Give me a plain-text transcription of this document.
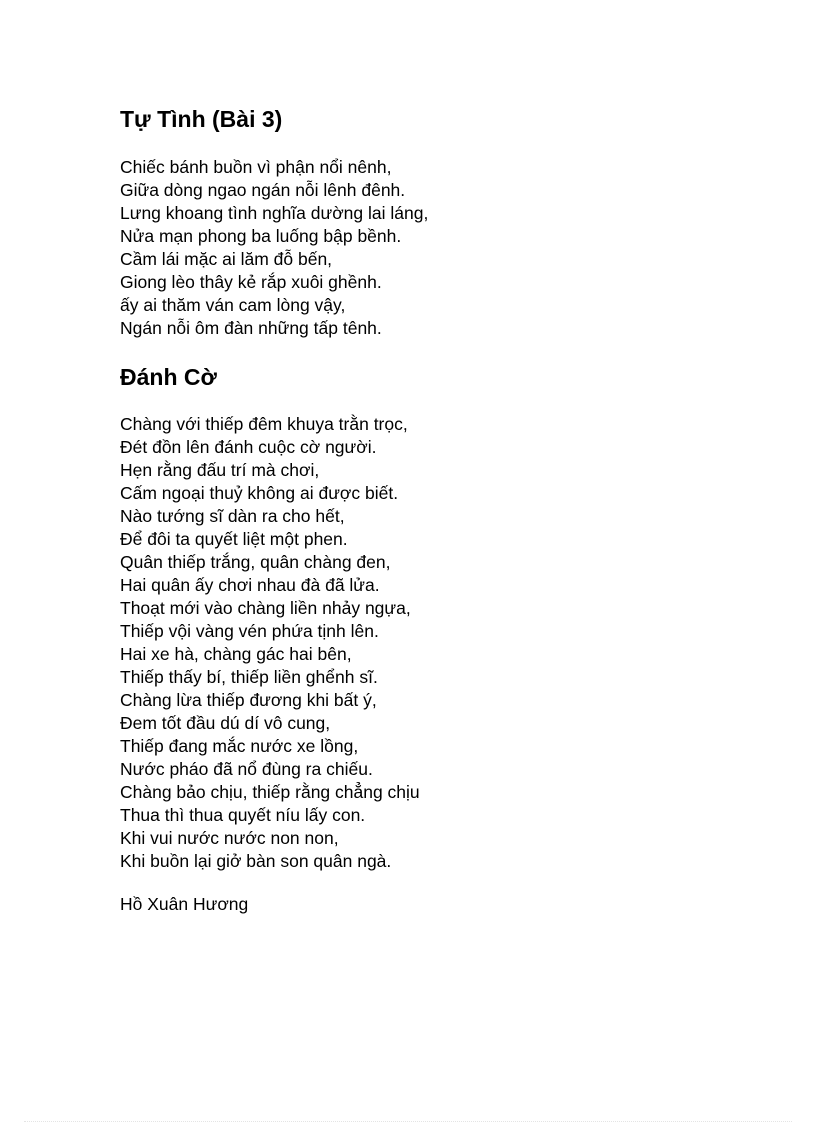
Tự Tình (Bài 3)
Chiếc bánh buồn vì phận nổi nênh,
Giữa dòng ngao ngán nỗi lênh đênh.
Lưng khoang tình nghĩa dường lai láng,
Nửa mạn phong ba luống bập bềnh.
Cầm lái mặc ai lăm đỗ bến,
Giong lèo thây kẻ rắp xuôi ghềnh.
ấy ai thăm ván cam lòng vậy,
Ngán nỗi ôm đàn những tấp tênh.
Đánh Cờ
Chàng với thiếp đêm khuya trằn trọc,
Đét đồn lên đánh cuộc cờ người.
Hẹn rằng đấu trí mà chơi,
Cấm ngoại thuỷ không ai được biết.
Nào tướng sĩ dàn ra cho hết,
Để đôi ta quyết liệt một phen.
Quân thiếp trắng, quân chàng đen,
Hai quân ấy chơi nhau đà đã lửa.
Thoạt mới vào chàng liền nhảy ngựa,
Thiếp vội vàng vén phứa tịnh lên.
Hai xe hà, chàng gác hai bên,
Thiếp thấy bí, thiếp liền ghểnh sĩ.
Chàng lừa thiếp đương khi bất ý,
Đem tốt đầu dú dí vô cung,
Thiếp đang mắc nước xe lồng,
Nước pháo đã nổ đùng ra chiếu.
Chàng bảo chịu, thiếp rằng chẳng chịu
Thua thì thua quyết níu lấy con.
Khi vui nước nước non non,
Khi buồn lại giở bàn son quân ngà.

Hồ Xuân Hương
